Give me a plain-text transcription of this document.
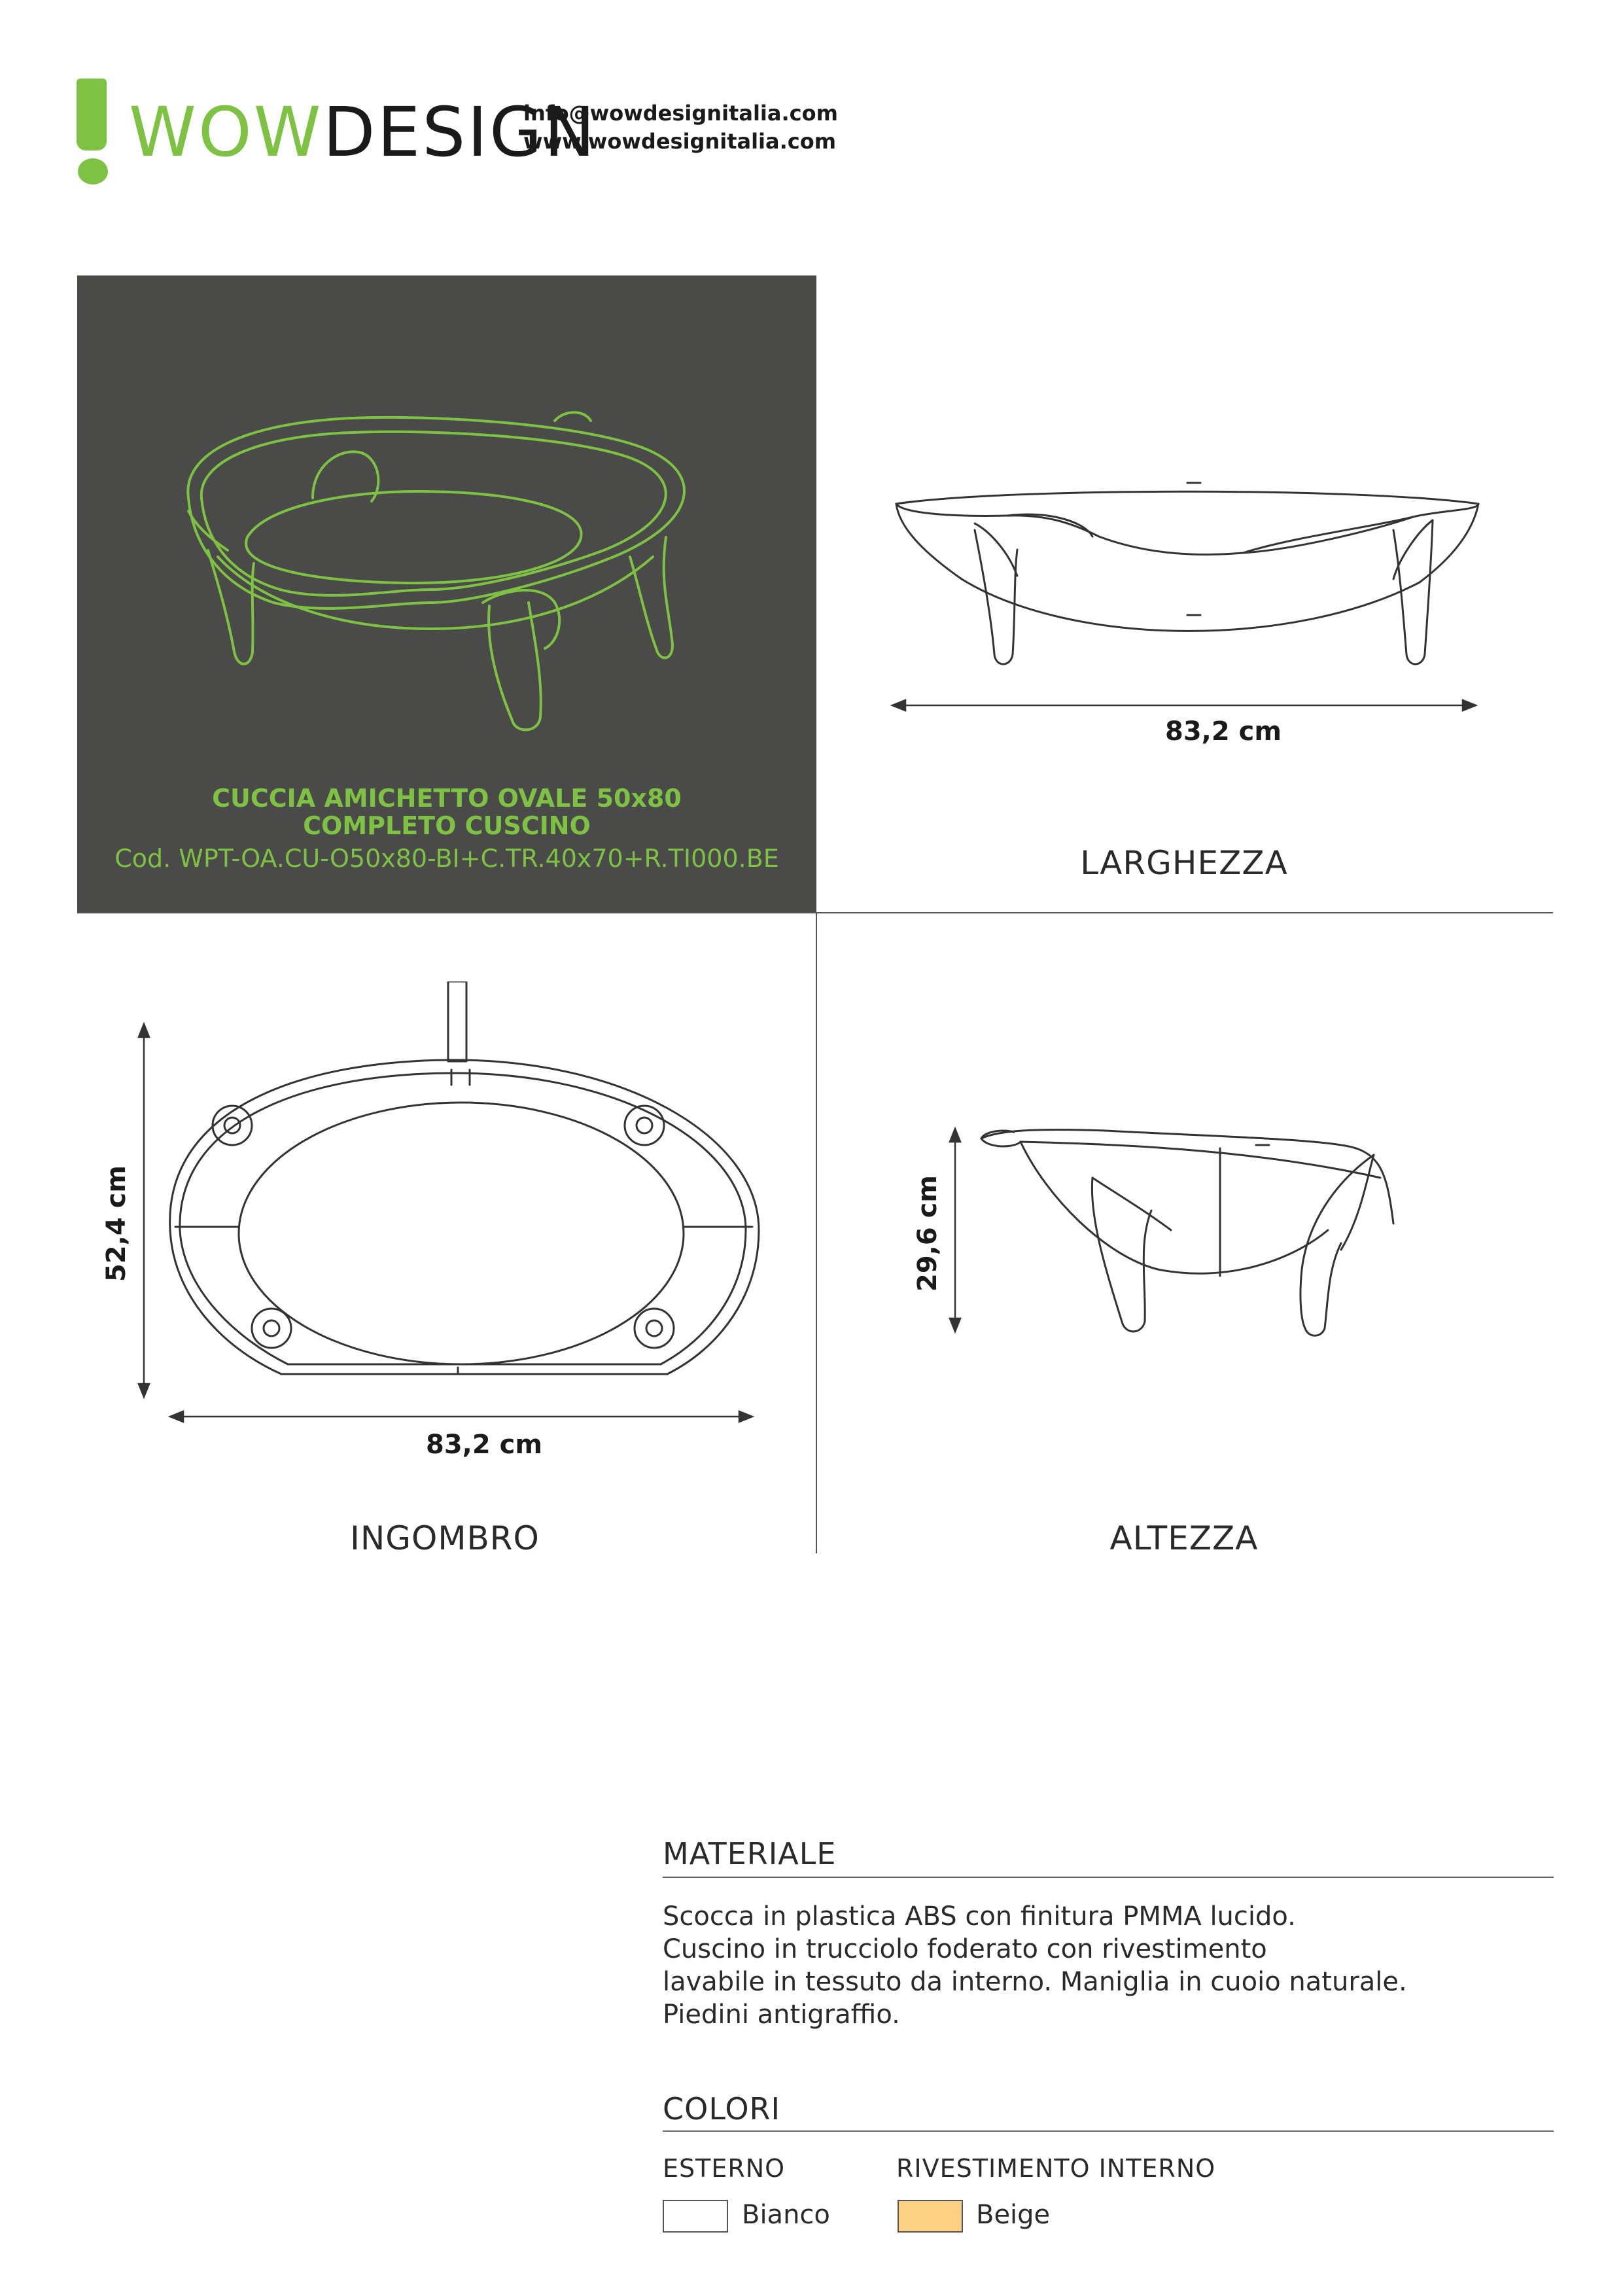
WOWDESIGN
info@wowdesignitalia.com
www.wowdesignitalia.com
CUCCIA AMICHETTO OVALE 50x80
COMPLETO CUSCINO
Cod. WPT-OA.CU-O50x80-BI+C.TR.40x70+R.TI000.BE
83,2 cm
LARGHEZZA
52,4 cm
83,2 cm
INGOMBRO
29,6 cm
ALTEZZA
MATERIALE
Scocca in plastica ABS con finitura PMMA lucido.
Cuscino in trucciolo foderato con rivestimento
lavabile in tessuto da interno. Maniglia in cuoio naturale.
Piedini antigraffio.
COLORI
ESTERNO
Bianco
RIVESTIMENTO INTERNO
Beige
